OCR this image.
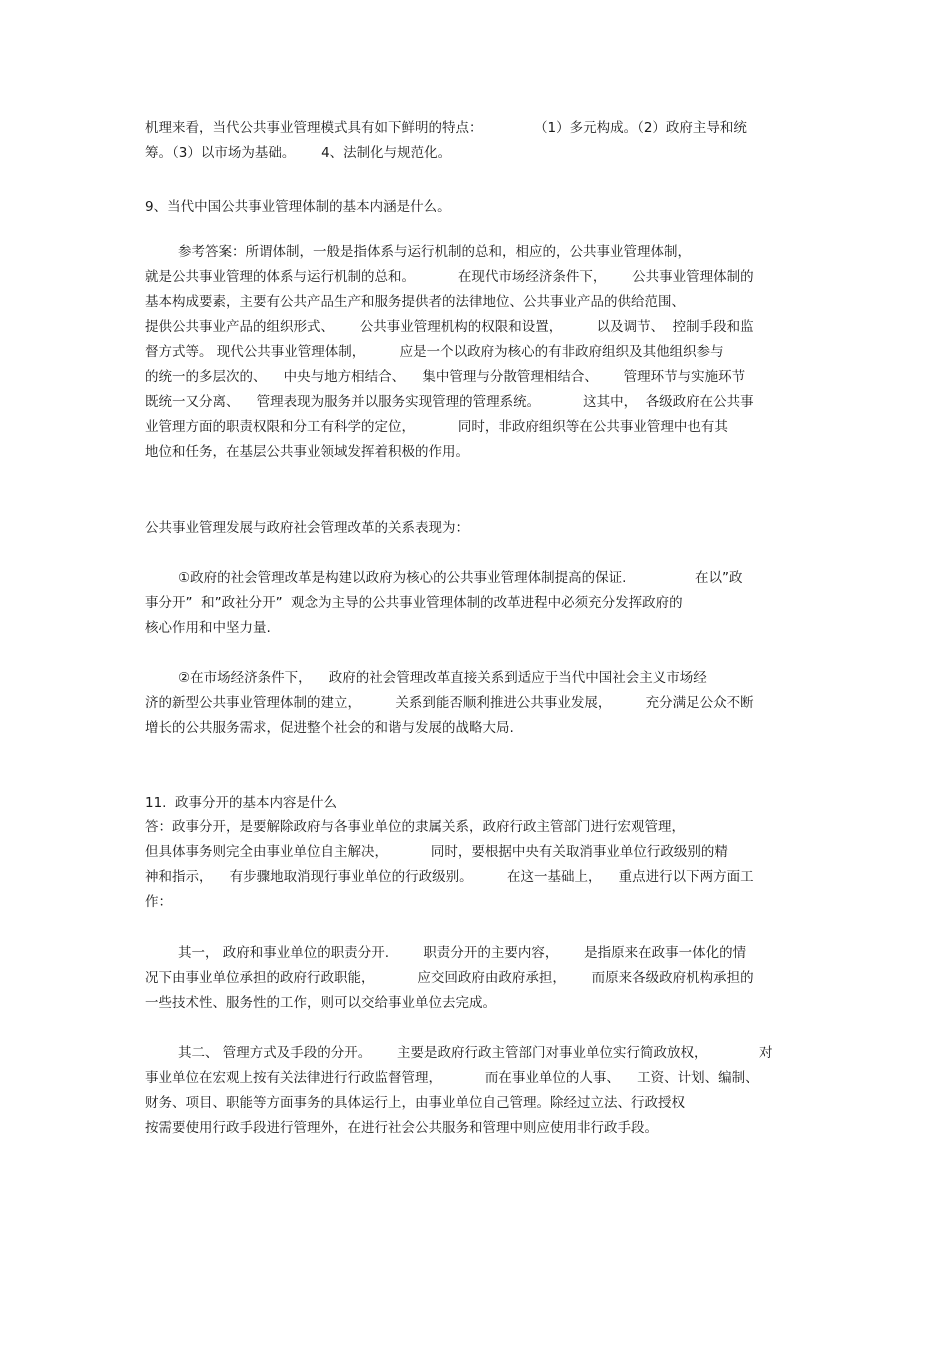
机理来看，当代公共事业管理模式具有如下鲜明的特点：            （1）多元构成。（2）政府主导和统
筹。（3）以市场为基础。      4、法制化与规范化。
9、当代中国公共事业管理体制的基本内涵是什么。
参考答案：所谓体制，一般是指体系与运行机制的总和，相应的，公共事业管理体制，
就是公共事业管理的体系与运行机制的总和。          在现代市场经济条件下，      公共事业管理体制的
基本构成要素，主要有公共产品生产和服务提供者的法律地位、公共事业产品的供给范围、
提供公共事业产品的组织形式、      公共事业管理机构的权限和设置，        以及调节、  控制手段和监
督方式等。 现代公共事业管理体制，        应是一个以政府为核心的有非政府组织及其他组织参与
的统一的多层次的、    中央与地方相结合、    集中管理与分散管理相结合、      管理环节与实施环节
既统一又分离、    管理表现为服务并以服务实现管理的管理系统。          这其中，  各级政府在公共事
业管理方面的职责权限和分工有科学的定位，          同时，非政府组织等在公共事业管理中也有其
地位和任务，在基层公共事业领域发挥着积极的作用。
公共事业管理发展与政府社会管理改革的关系表现为：
①政府的社会管理改革是构建以政府为核心的公共事业管理体制提高的保证.                在以”政
事分开”  和”政社分开”  观念为主导的公共事业管理体制的改革进程中必须充分发挥政府的
核心作用和中坚力量.
②在市场经济条件下，    政府的社会管理改革直接关系到适应于当代中国社会主义市场经
济的新型公共事业管理体制的建立，        关系到能否顺利推进公共事业发展，        充分满足公众不断
增长的公共服务需求，促进整个社会的和谐与发展的战略大局.
11.  政事分开的基本内容是什么
答：政事分开，是要解除政府与各事业单位的隶属关系，政府行政主管部门进行宏观管理，
但具体事务则完全由事业单位自主解决，          同时，要根据中央有关取消事业单位行政级别的精
神和指示，    有步骤地取消现行事业单位的行政级别。        在这一基础上，    重点进行以下两方面工
作：
其一， 政府和事业单位的职责分开.        职责分开的主要内容，      是指原来在政事一体化的情
况下由事业单位承担的政府行政职能，          应交回政府由政府承担，      而原来各级政府机构承担的
一些技术性、服务性的工作，则可以交给事业单位去完成。
其二、 管理方式及手段的分开。      主要是政府行政主管部门对事业单位实行简政放权，            对
事业单位在宏观上按有关法律进行行政监督管理，          而在事业单位的人事、    工资、计划、编制、
财务、项目、职能等方面事务的具体运行上，由事业单位自己管理。除经过立法、行政授权
按需要使用行政手段进行管理外，在进行社会公共服务和管理中则应使用非行政手段。
